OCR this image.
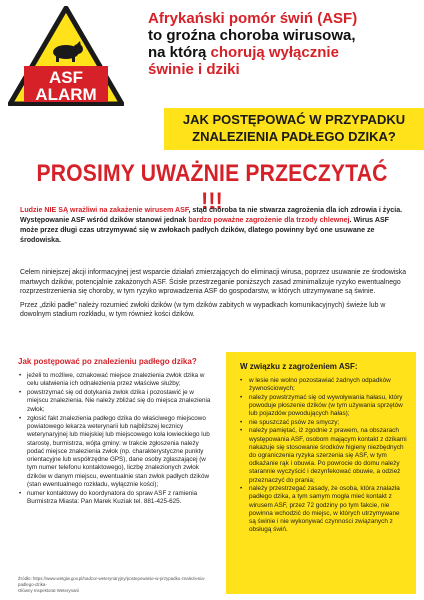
ASF
ALARM
Afrykański pomór świń (ASF)
to groźna choroba wirusowa,
na którą chorują wyłącznie
świnie i dziki
JAK POSTĘPOWAĆ W PRZYPADKU
ZNALEZIENIA PADŁEGO DZIKA?
PROSIMY UWAŻNIE PRZECZYTAĆ !!!
Ludzie NIE SĄ wrażliwi na zakażenie wirusem ASF, stąd choroba ta nie stwarza zagrożenia dla ich zdrowia i życia. Występowanie ASF wśród dzików stanowi jednak bardzo poważne zagrożenie dla trzody chlewnej. Wirus ASF może przez długi czas utrzymywać się w zwłokach padłych dzików, dlatego powinny być one usuwane ze środowiska.

Celem niniejszej akcji informacyjnej jest wsparcie działań zmierzających do eliminacji wirusa, poprzez usuwanie ze środowiska martwych dzików, potencjalnie zakażonych ASF. Ścisłe przestrzeganie poniższych zasad zminimalizuje ryzyko ewentualnego rozprzestrzenienia się choroby, w tym ryzyko wprowadzenia ASF do gospodarstw, w których utrzymywane są świnie.

Przez „dziki padłe” należy rozumieć zwłoki dzików (w tym dzików zabitych w wypadkach komunikacyjnych) świeże lub w dowolnym stadium rozkładu, w tym również kości dzików.

Jak postępować po znalezieniu padłego dzika?
• jeżeli to możliwe, oznakować miejsce znalezienia zwłok dzika w celu ułatwienia ich odnalezienia przez właściwe służby;
• powstrzymać się od dotykania zwłok dzika i pozostawić je w miejscu znalezienia. Nie należy zbliżać się do miejsca znalezienia zwłok;
• zgłosić fakt znalezienia padłego dzika do właściwego miejscowo powiatowego lekarza weterynarii lub najbliższej lecznicy weterynaryjnej lub miejskiej lub miejscowego koła łowieckiego lub starostę, burmistrza, wójta gminy: w trakcie zgłoszenia należy podać miejsce znalezienia zwłok (np. charakterystyczne punkty orientacyjne lub współrzędne GPS), dane osoby zgłaszającej (w tym numer telefonu kontaktowego), liczbę znalezionych zwłok dzików w danym miejscu, ewentualnie stan zwłok padłych dzików (stan ewentualnego rozkładu, wyłącznie kości);
• numer kontaktowy do koordynatora do spraw ASF z ramienia Burmistrza Miasta: Pan Marek Kuziak tel. 881-425-625.
W związku z zagrożeniem ASF:
• w lesie nie wolno pozostawiać żadnych odpadków żywnościowych;
• należy powstrzymać się od wywoływania hałasu, który powoduje płoszenie dzików (w tym używania sprzętów lub pojazdów powodujących hałas);
• nie spuszczać psów ze smyczy;
• należy pamiętać, iż zgodnie z prawem, na obszarach występowania ASF, osobom mającym kontakt z dzikami nakazuje się stosowanie środków higieny niezbędnych do ograniczenia ryzyka szerzenia się ASF, w tym odkażanie rąk i obuwia. Po powrocie do domu należy starannie wyczyścić i dezynfekować obuwie, a odzież przeznaczyć do prania;
• należy przestrzegać zasady, że osoba, która znalazła padłego dzika, a tym samym mogła mieć kontakt z wirusem ASF, przez 72 godziny po tym fakcie, nie powinna wchodzić do miejsc, w których utrzymywane są świnie i nie wykonywać czynności związanych z obsługą świń.
Źródło: https://www.wetgiw.gov.pl/nadzor-weterynaryjny/postepowanie-w-przypadku-znalezienia-padlego-dzika-
Główny Inspektorat Weterynarii
